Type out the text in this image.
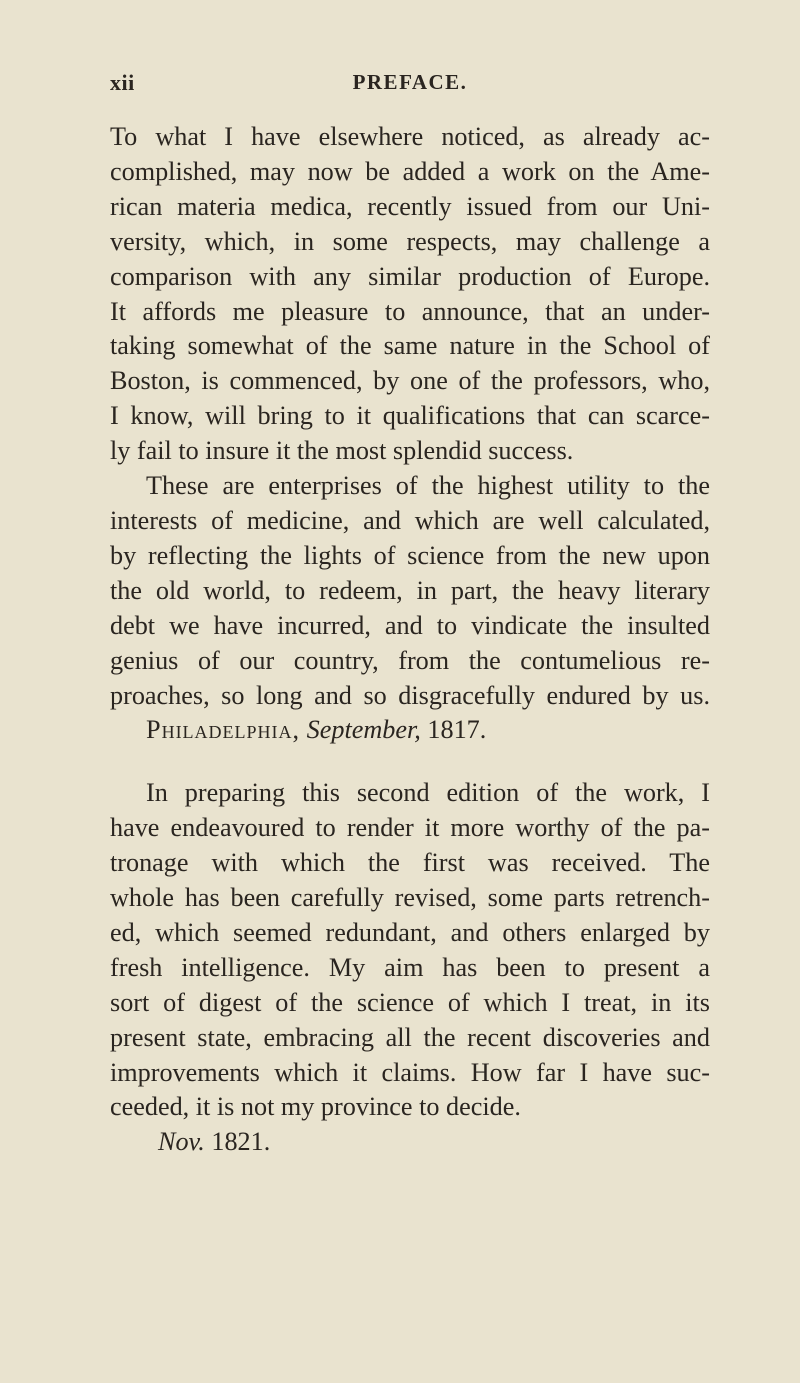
xii	PREFACE.
To what I have elsewhere noticed, as already ac-
complished, may now be added a work on the Ame-
rican materia medica, recently issued from our Uni-
versity, which, in some respects, may challenge a
comparison with any similar production of Europe.
It affords me pleasure to announce, that an under-
taking somewhat of the same nature in the School of
Boston, is commenced, by one of the professors, who,
I know, will bring to it qualifications that can scarce-
ly fail to insure it the most splendid success.
These are enterprises of the highest utility to the
interests of medicine, and which are well calculated,
by reflecting the lights of science from the new upon
the old world, to redeem, in part, the heavy literary
debt we have incurred, and to vindicate the insulted
genius of our country, from the contumelious re-
proaches, so long and so disgracefully endured by us.
Philadelphia, September, 1817.
In preparing this second edition of the work, I
have endeavoured to render it more worthy of the pa-
tronage with which the first was received. The
whole has been carefully revised, some parts retrench-
ed, which seemed redundant, and others enlarged by
fresh intelligence. My aim has been to present a
sort of digest of the science of which I treat, in its
present state, embracing all the recent discoveries and
improvements which it claims. How far I have suc-
ceeded, it is not my province to decide.
Nov. 1821.
